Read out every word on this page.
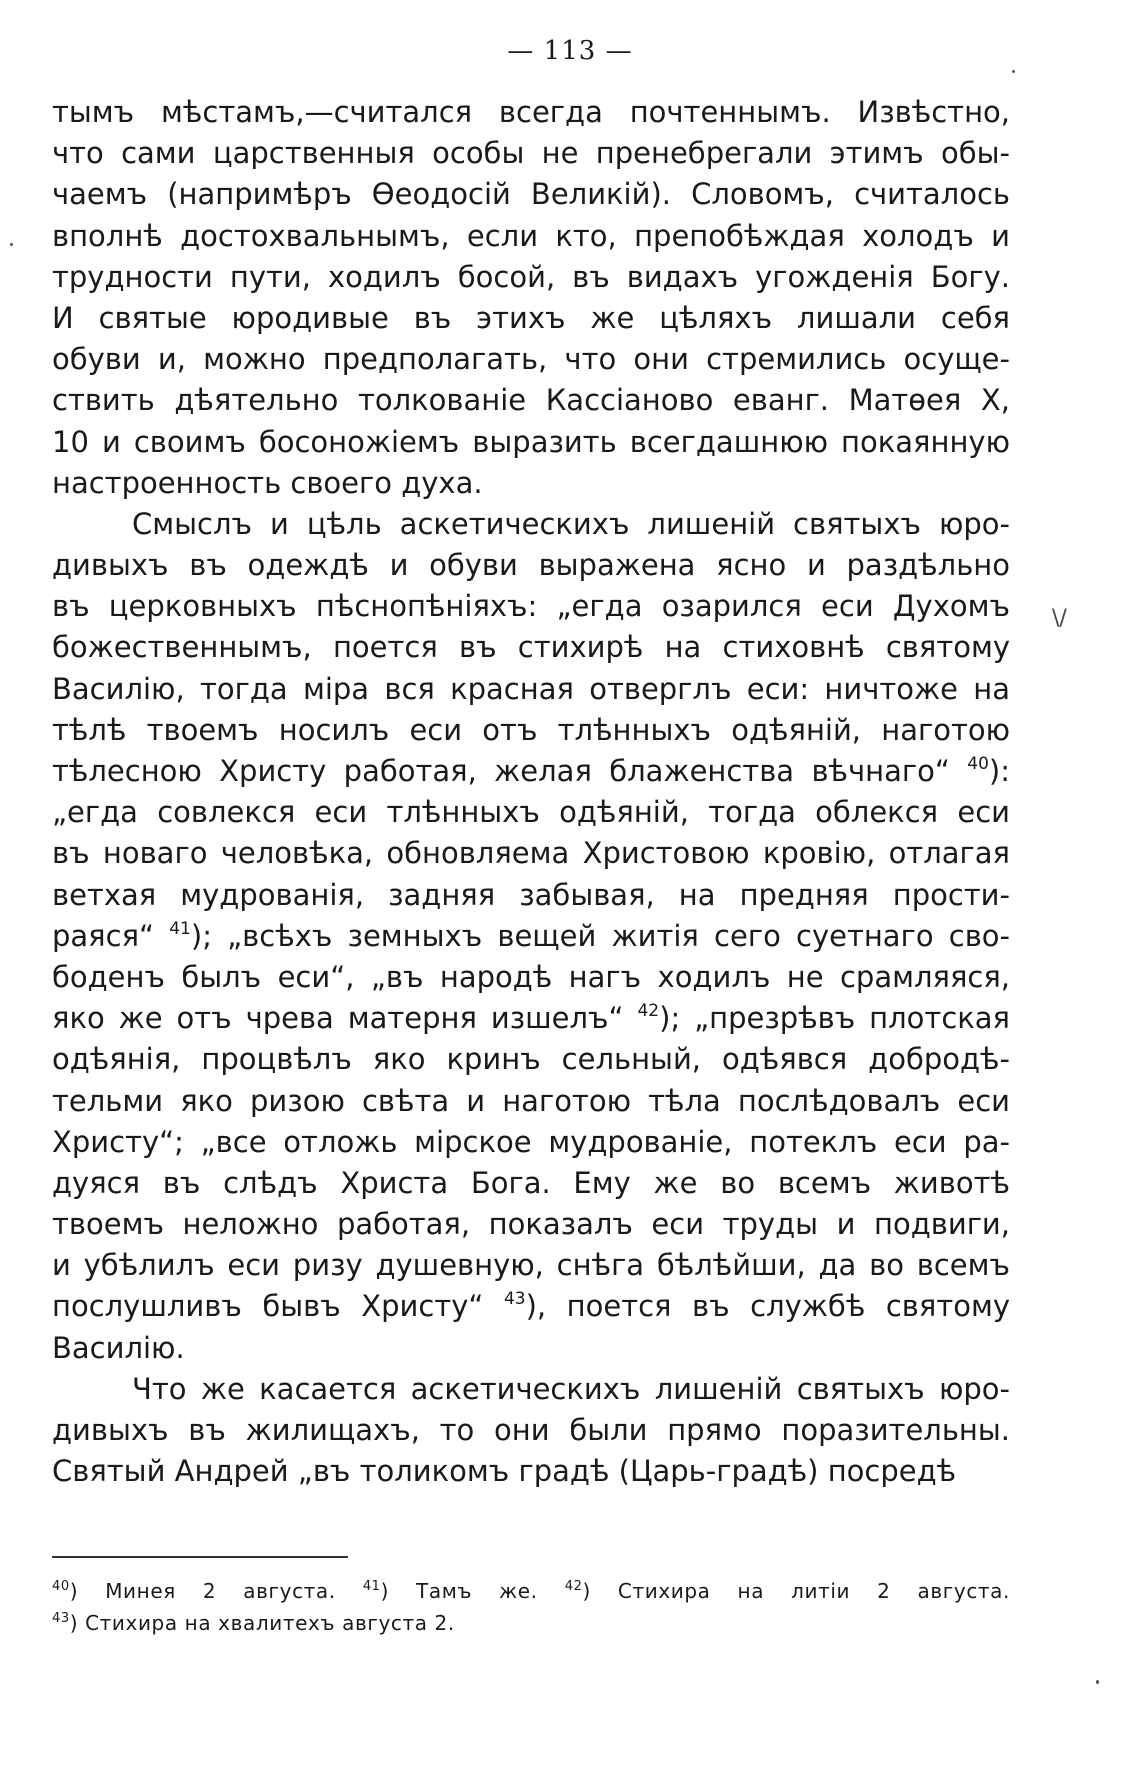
— 113 —
тымъ мѣстамъ,—считался всегда почтеннымъ. Извѣстно,
что сами царственныя особы не пренебрегали этимъ обы-
чаемъ (напримѣръ Өеодосій Великій). Словомъ, считалось
вполнѣ достохвальнымъ, если кто, препобѣждая холодъ и
трудности пути, ходилъ босой, въ видахъ угожденія Богу.
И святые юродивые въ этихъ же цѣляхъ лишали себя
обуви и, можно предполагать, что они стремились осуще-
ствить дѣятельно толкованіе Кассіаново еванг. Матөея X,
10 и своимъ босоножіемъ выразить всегдашнюю покаянную
настроенность своего духа.
Смыслъ и цѣль аскетическихъ лишеній святыхъ юро-
дивыхъ въ одеждѣ и обуви выражена ясно и раздѣльно
въ церковныхъ пѣснопѣніяхъ: „егда озарился еси Духомъ
божественнымъ, поется въ стихирѣ на стиховнѣ святому
Василію, тогда міра вся красная отверглъ еси: ничтоже на
тѣлѣ твоемъ носилъ еси отъ тлѣнныхъ одѣяній, наготою
тѣлесною Христу работая, желая блаженства вѣчнаго“ $^{40}$):
„егда совлекся еси тлѣнныхъ одѣяній, тогда облекся еси
въ новаго человѣка, обновляема Христовою кровію, отлагая
ветхая мудрованія, задняя забывая, на предняя прости-
раяся“ $^{41}$); „всѣхъ земныхъ вещей житія сего суетнаго сво-
боденъ былъ еси“, „въ народѣ нагъ ходилъ не срамляяся,
яко же отъ чрева матерня изшелъ“ $^{42}$); „презрѣвъ плотская
одѣянія, процвѣлъ яко кринъ сельный, одѣявся добродѣ-
тельми яко ризою свѣта и наготою тѣла послѣдовалъ еси
Христу“; „все отложь мірское мудрованіе, потеклъ еси ра-
дуяся въ слѣдъ Христа Бога. Ему же во всемъ животѣ
твоемъ неложно работая, показалъ еси труды и подвиги,
и убѣлилъ еси ризу душевную, снѣга бѣлѣйши, да во всемъ
послушливъ бывъ Христу“ $^{43}$), поется въ службѣ святому
Василію.
Что же касается аскетическихъ лишеній святыхъ юро-
дивыхъ въ жилищахъ, то они были прямо поразительны.
Святый Андрей „въ толикомъ градѣ (Царь-градѣ) посредѣ
$^{40}$) Минея 2 августа. $^{41}$) Тамъ же. $^{42}$) Стихира на литіи 2 августа.
$^{43}$) Стихира на хвалитехъ августа 2.
\/
